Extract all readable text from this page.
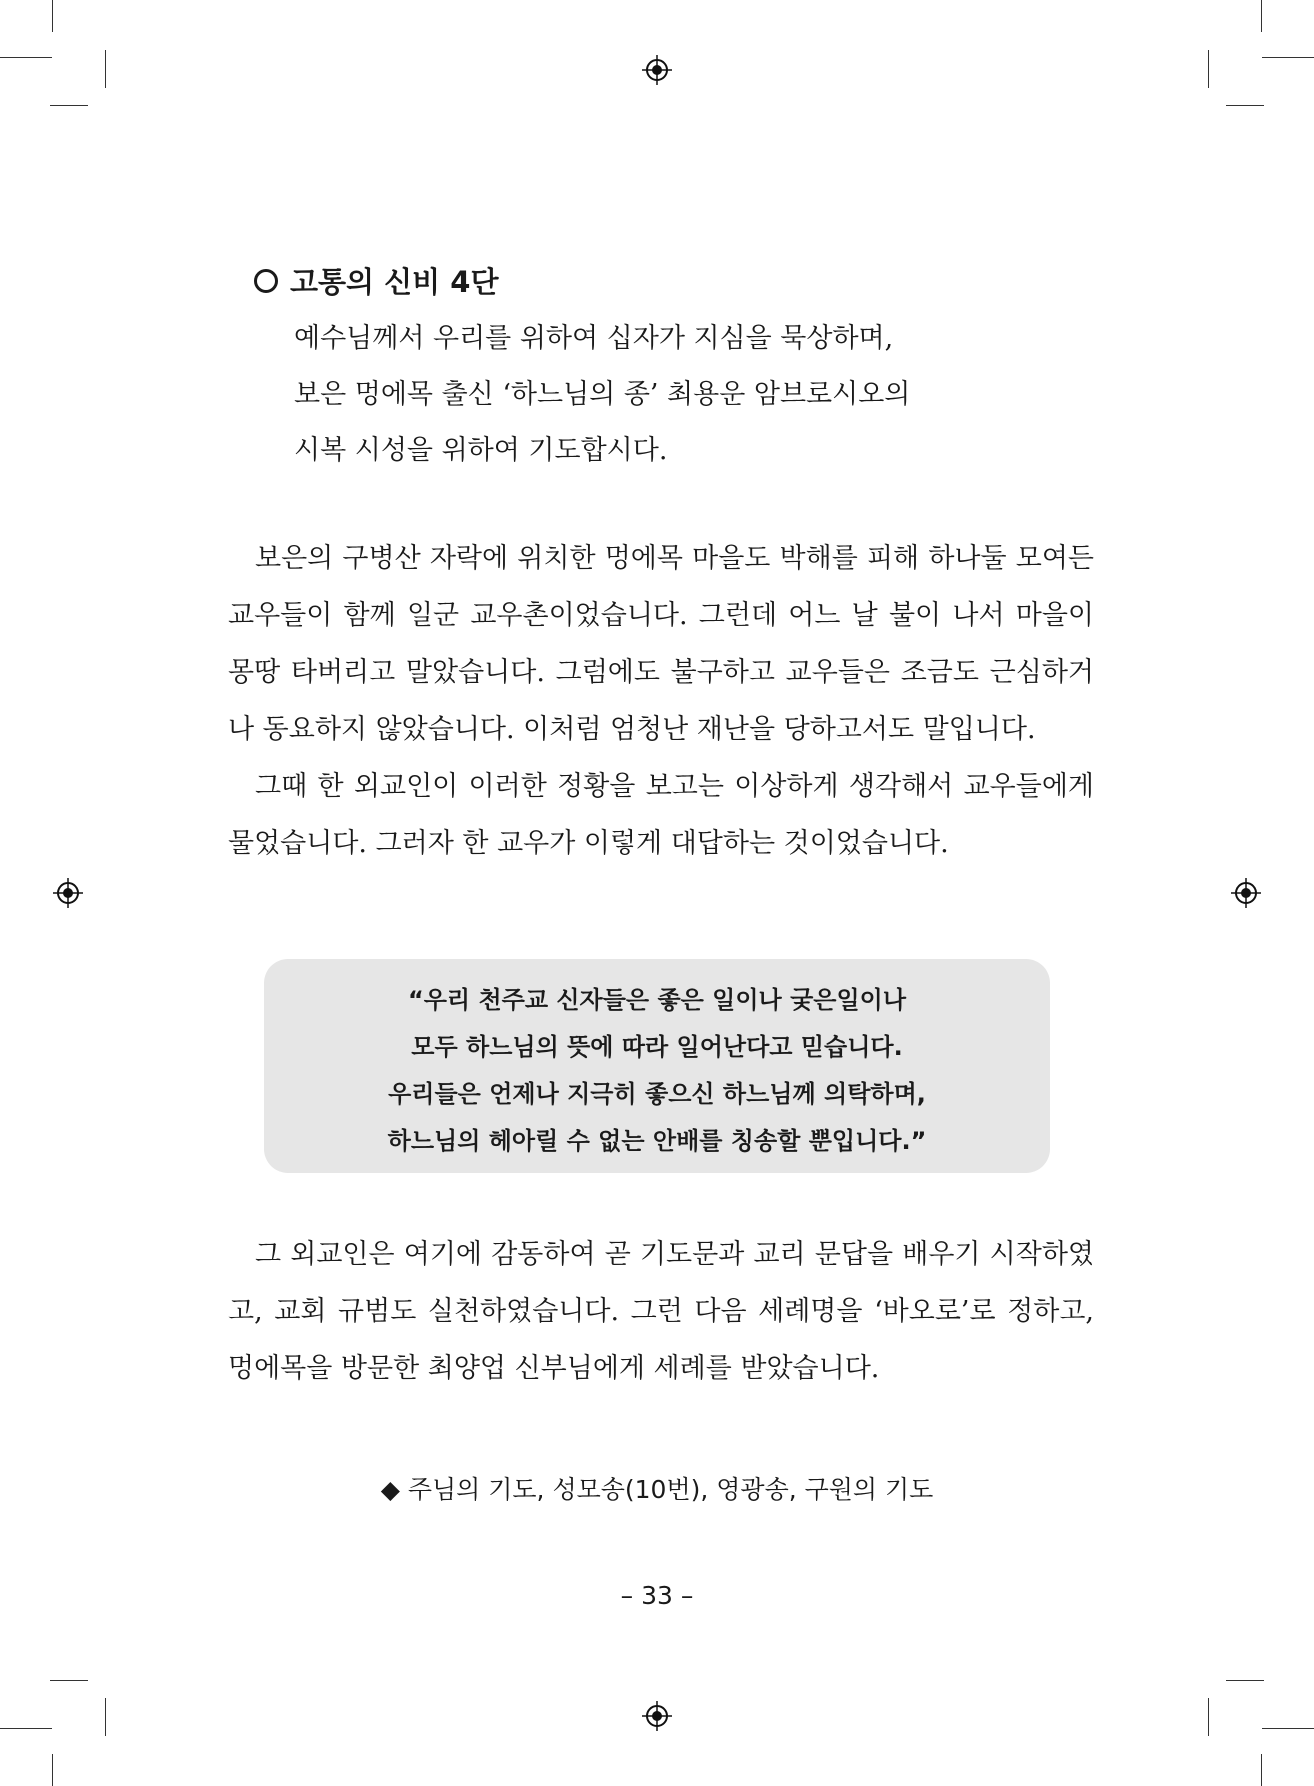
고통의 신비 4단
예수님께서 우리를 위하여 십자가 지심을 묵상하며,
보은 멍에목 출신 ‘하느님의 종’ 최용운 암브로시오의
시복 시성을 위하여 기도합시다.

보은의 구병산 자락에 위치한 멍에목 마을도 박해를 피해 하나둘 모여든 교우들이 함께 일군 교우촌이었습니다. 그런데 어느 날 불이 나서 마을이 몽땅 타버리고 말았습니다. 그럼에도 불구하고 교우들은 조금도 근심하거나 동요하지 않았습니다. 이처럼 엄청난 재난을 당하고서도 말입니다.

그때 한 외교인이 이러한 정황을 보고는 이상하게 생각해서 교우들에게 물었습니다. 그러자 한 교우가 이렇게 대답하는 것이었습니다.

“우리 천주교 신자들은 좋은 일이나 궂은일이나
모두 하느님의 뜻에 따라 일어난다고 믿습니다.
우리들은 언제나 지극히 좋으신 하느님께 의탁하며,
하느님의 헤아릴 수 없는 안배를 칭송할 뿐입니다.”

그 외교인은 여기에 감동하여 곧 기도문과 교리 문답을 배우기 시작하였고, 교회 규범도 실천하였습니다. 그런 다음 세례명을 ‘바오로’로 정하고, 멍에목을 방문한 최양업 신부님에게 세례를 받았습니다.

◆ 주님의 기도, 성모송(10번), 영광송, 구원의 기도
– 33 –
